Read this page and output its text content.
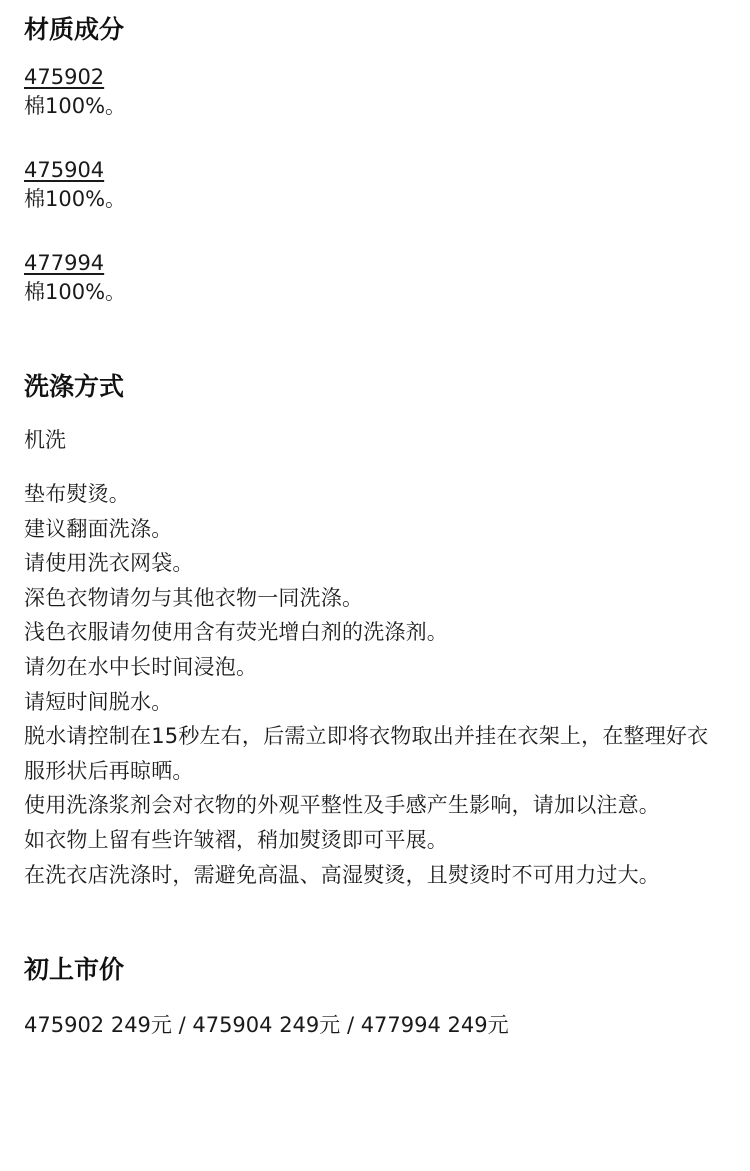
材质成分
475902
棉100%。
475904
棉100%。
477994
棉100%。
洗涤方式
机洗
垫布熨烫。
建议翻面洗涤。
请使用洗衣网袋。
深色衣物请勿与其他衣物一同洗涤。
浅色衣服请勿使用含有荧光增白剂的洗涤剂。
请勿在水中长时间浸泡。
请短时间脱水。
脱水请控制在15秒左右，后需立即将衣物取出并挂在衣架上，在整理好衣服形状后再晾晒。
使用洗涤浆剂会对衣物的外观平整性及手感产生影响，请加以注意。
如衣物上留有些许皱褶，稍加熨烫即可平展。
在洗衣店洗涤时，需避免高温、高湿熨烫，且熨烫时不可用力过大。
初上市价
475902 249元 / 475904 249元 / 477994 249元
